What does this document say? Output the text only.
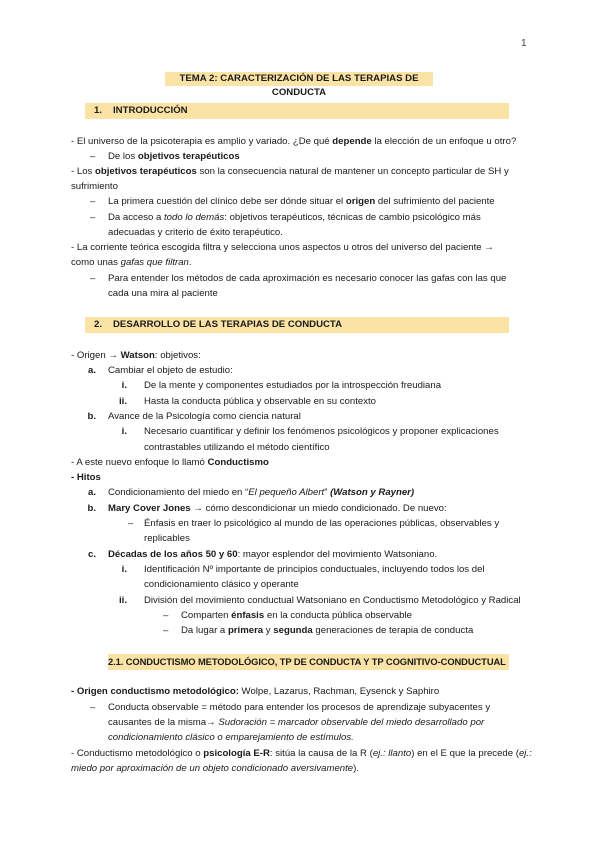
1
TEMA 2: CARACTERIZACIÓN DE LAS TERAPIAS DE CONDUCTA
1. INTRODUCCIÓN
- El universo de la psicoterapia es amplio y variado. ¿De qué depende la elección de un enfoque u otro?
– De los objetivos terapéuticos
- Los objetivos terapéuticos son la consecuencia natural de mantener un concepto particular de SH y
sufrimiento
– La primera cuestión del clínico debe ser dónde situar el origen del sufrimiento del paciente
– Da acceso a todo lo demás: objetivos terapéuticos, técnicas de cambio psicológico más
adecuadas y criterio de éxito terapéutico.
- La corriente teórica escogida filtra y selecciona unos aspectos u otros del universo del paciente →
como unas gafas que filtran.
– Para entender los métodos de cada aproximación es necesario conocer las gafas con las que
cada una mira al paciente
2. DESARROLLO DE LAS TERAPIAS DE CONDUCTA
- Origen → Watson: objetivos:
a. Cambiar el objeto de estudio:
i. De la mente y componentes estudiados por la introspección freudiana
ii. Hasta la conducta pública y observable en su contexto
b. Avance de la Psicología como ciencia natural
i. Necesario cuantificar y definir los fenómenos psicológicos y proponer explicaciones
contrastables utilizando el método científico
- A este nuevo enfoque lo llamó Conductismo
- Hitos
a. Condicionamiento del miedo en “El pequeño Albert” (Watson y Rayner)
b. Mary Cover Jones → cómo descondicionar un miedo condicionado. De nuevo:
– Énfasis en traer lo psicológico al mundo de las operaciones públicas, observables y
replicables
c. Décadas de los años 50 y 60: mayor esplendor del movimiento Watsoniano.
i. Identificación Nº importante de principios conductuales, incluyendo todos los del
condicionamiento clásico y operante
ii. División del movimiento conductual Watsoniano en Conductismo Metodológico y Radical
– Comparten énfasis en la conducta pública observable
– Da lugar a primera y segunda generaciones de terapia de conducta
2.1. CONDUCTISMO METODOLÓGICO, TP DE CONDUCTA Y TP COGNITIVO-CONDUCTUAL
- Origen conductismo metodológico: Wolpe, Lazarus, Rachman, Eysenck y Saphiro
– Conducta observable = método para entender los procesos de aprendizaje subyacentes y
causantes de la misma→ Sudoración = marcador observable del miedo desarrollado por
condicionamiento clásico o emparejamiento de estímulos.
- Conductismo metodológico o psicología E-R: sitúa la causa de la R (ej.: llanto) en el E que la precede (ej.:
miedo por aproximación de un objeto condicionado aversivamente).
